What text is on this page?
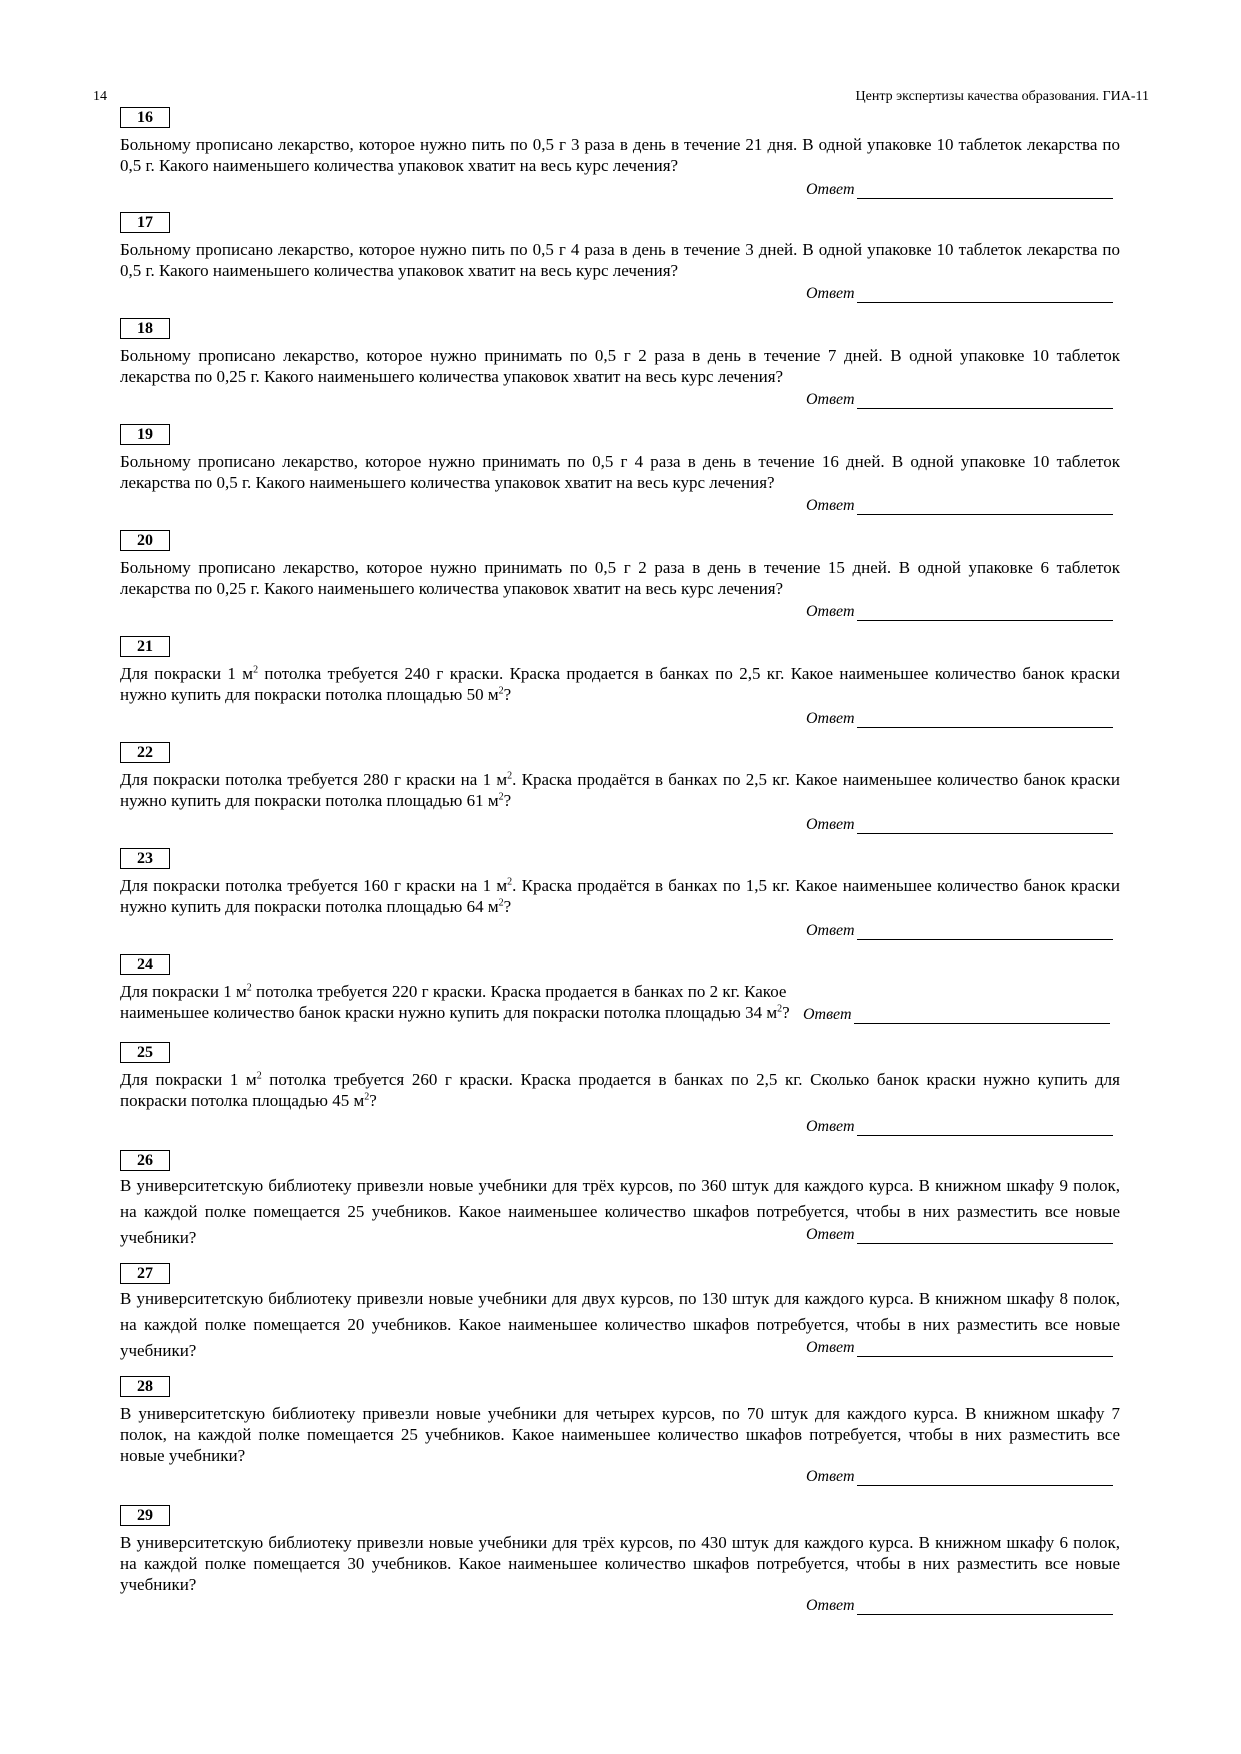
14	Центр экспертизы качества образования. ГИА-11
16
Больному прописано лекарство, которое нужно пить по 0,5 г 3 раза в день в течение 21 дня. В одной упаковке 10 таблеток лекарства по 0,5 г. Какого наименьшего количества упаковок хватит на весь курс лечения?
Ответ
17
Больному прописано лекарство, которое нужно пить по 0,5 г 4 раза в день в течение 3 дней. В одной упаковке 10 таблеток лекарства по 0,5 г. Какого наименьшего количества упаковок хватит на весь курс лечения?
Ответ
18
Больному прописано лекарство, которое нужно принимать по 0,5 г 2 раза в день в течение 7 дней. В одной упаковке 10 таблеток лекарства по 0,25 г. Какого наименьшего количества упаковок хватит на весь курс лечения?
Ответ
19
Больному прописано лекарство, которое нужно принимать по 0,5 г 4 раза в день в течение 16 дней. В одной упаковке 10 таблеток лекарства по 0,5 г. Какого наименьшего количества упаковок хватит на весь курс лечения?
Ответ
20
Больному прописано лекарство, которое нужно принимать по 0,5 г 2 раза в день в течение 15 дней. В одной упаковке 6 таблеток лекарства по 0,25 г. Какого наименьшего количества упаковок хватит на весь курс лечения?
Ответ
21
Для покраски 1 $м^2$ потолка требуется 240 г краски. Краска продается в банках по 2,5 кг. Какое наименьшее количество банок краски нужно купить для покраски потолка площадью 50 $м^2$?
Ответ
22
Для покраски потолка требуется 280 г краски на 1 $м^2$. Краска продаётся в банках по 2,5 кг. Какое наименьшее количество банок краски нужно купить для покраски потолка площадью 61 $м^2$?
Ответ
23
Для покраски потолка требуется 160 г краски на 1 $м^2$. Краска продаётся в банках по 1,5 кг. Какое наименьшее количество банок краски нужно купить для покраски потолка площадью 64 $м^2$?
Ответ
24
Для покраски 1 $м^2$ потолка требуется 220 г краски. Краска продается в банках по 2 кг. Какое наименьшее количество банок краски нужно купить для покраски потолка площадью 34 $м^2$? Ответ
25
Для покраски 1 $м^2$ потолка требуется 260 г краски. Краска продается в банках по 2,5 кг. Сколько банок краски нужно купить для покраски потолка площадью 45 $м^2$?
Ответ
26
В университетскую библиотеку привезли новые учебники для трёх курсов, по 360 штук для каждого курса. В книжном шкафу 9 полок, на каждой полке помещается 25 учебников. Какое наименьшее количество шкафов потребуется, чтобы в них разместить все новые учебники?	Ответ
27
В университетскую библиотеку привезли новые учебники для двух курсов, по 130 штук для каждого курса. В книжном шкафу 8 полок, на каждой полке помещается 20 учебников. Какое наименьшее количество шкафов потребуется, чтобы в них разместить все новые учебники?	Ответ
28
В университетскую библиотеку привезли новые учебники для четырех курсов, по 70 штук для каждого курса. В книжном шкафу 7 полок, на каждой полке помещается 25 учебников. Какое наименьшее количество шкафов потребуется, чтобы в них разместить все новые учебники?
Ответ
29
В университетскую библиотеку привезли новые учебники для трёх курсов, по 430 штук для каждого курса. В книжном шкафу 6 полок, на каждой полке помещается 30 учебников. Какое наименьшее количество шкафов потребуется, чтобы в них разместить все новые учебники?
Ответ
